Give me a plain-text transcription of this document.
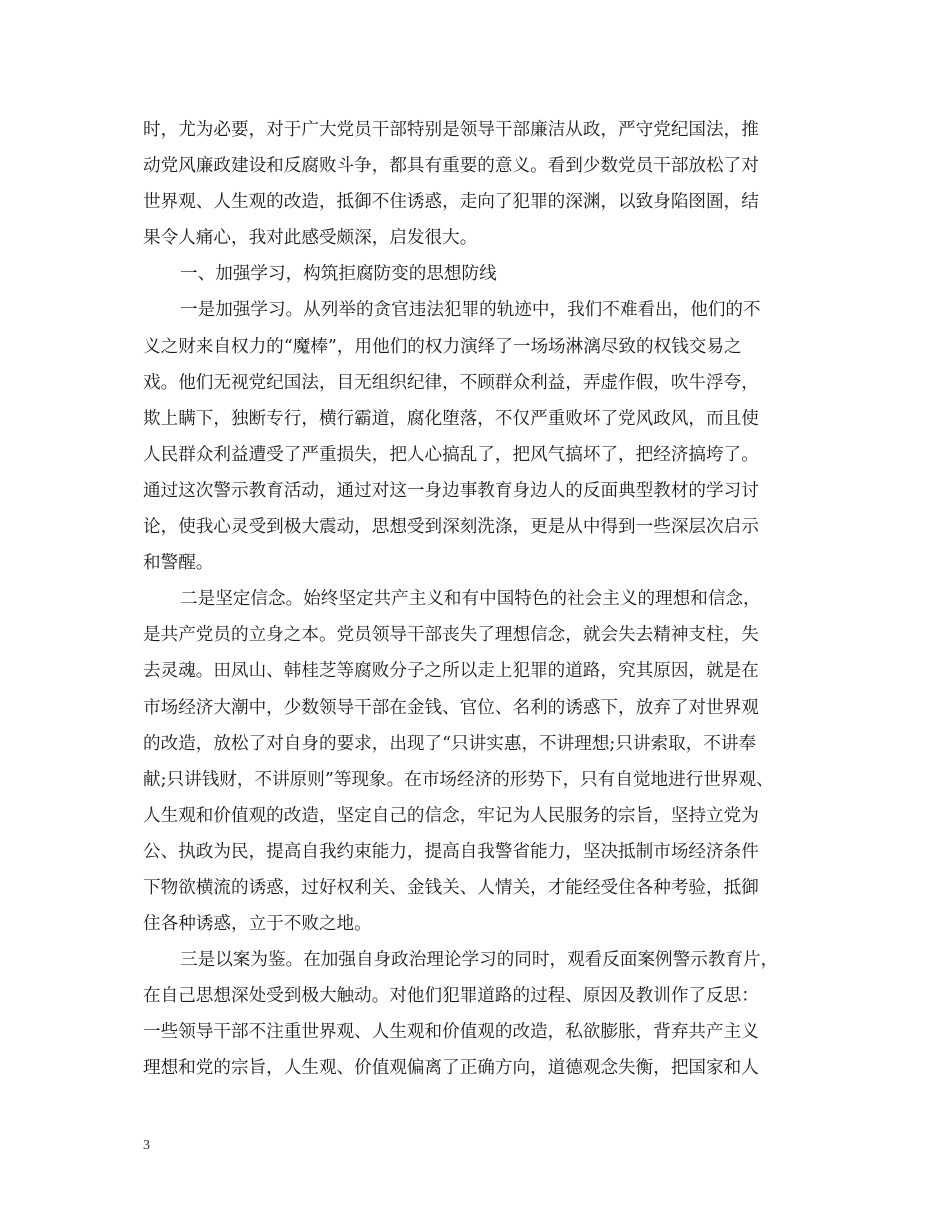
时，尤为必要，对于广大党员干部特别是领导干部廉洁从政，严守党纪国法，推
动党风廉政建设和反腐败斗争，都具有重要的意义。看到少数党员干部放松了对
世界观、人生观的改造，抵御不住诱惑，走向了犯罪的深渊，以致身陷囹圄，结
果令人痛心，我对此感受颇深，启发很大。
一、加强学习，构筑拒腐防变的思想防线
一是加强学习。从列举的贪官违法犯罪的轨迹中，我们不难看出，他们的不
义之财来自权力的“魔棒”，用他们的权力演绎了一场场淋漓尽致的权钱交易之
戏。他们无视党纪国法，目无组织纪律，不顾群众利益，弄虚作假，吹牛浮夸，
欺上瞒下，独断专行，横行霸道，腐化堕落，不仅严重败坏了党风政风，而且使
人民群众利益遭受了严重损失，把人心搞乱了，把风气搞坏了，把经济搞垮了。
通过这次警示教育活动，通过对这一身边事教育身边人的反面典型教材的学习讨
论，使我心灵受到极大震动，思想受到深刻洗涤，更是从中得到一些深层次启示
和警醒。
二是坚定信念。始终坚定共产主义和有中国特色的社会主义的理想和信念，
是共产党员的立身之本。党员领导干部丧失了理想信念，就会失去精神支柱，失
去灵魂。田凤山、韩桂芝等腐败分子之所以走上犯罪的道路，究其原因，就是在
市场经济大潮中，少数领导干部在金钱、官位、名利的诱惑下，放弃了对世界观
的改造，放松了对自身的要求，出现了“只讲实惠，不讲理想;只讲索取，不讲奉
献;只讲钱财，不讲原则”等现象。在市场经济的形势下，只有自觉地进行世界观、
人生观和价值观的改造，坚定自己的信念，牢记为人民服务的宗旨，坚持立党为
公、执政为民，提高自我约束能力，提高自我警省能力，坚决抵制市场经济条件
下物欲横流的诱惑，过好权利关、金钱关、人情关，才能经受住各种考验，抵御
住各种诱惑，立于不败之地。
三是以案为鉴。在加强自身政治理论学习的同时，观看反面案例警示教育片，
在自己思想深处受到极大触动。对他们犯罪道路的过程、原因及教训作了反思：
一些领导干部不注重世界观、人生观和价值观的改造，私欲膨胀，背弃共产主义
理想和党的宗旨，人生观、价值观偏离了正确方向，道德观念失衡，把国家和人
3
